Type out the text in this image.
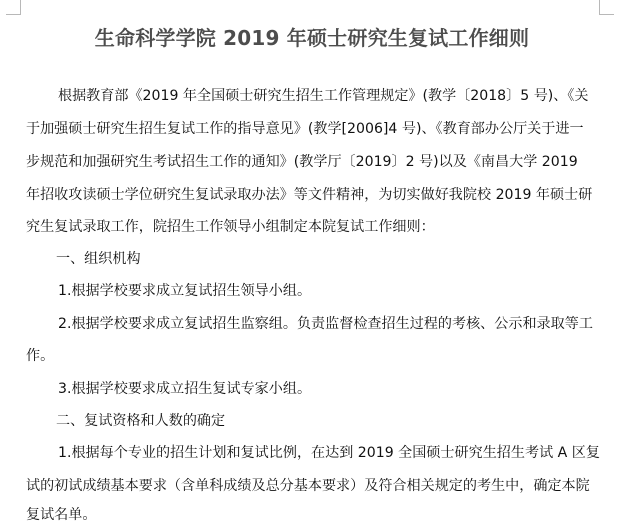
生命科学学院 2019 年硕士研究生复试工作细则

根据教育部《2019 年全国硕士研究生招生工作管理规定》(教学〔2018〕5 号)、《关

于加强硕士研究生招生复试工作的指导意见》(教学[2006]4 号)、《教育部办公厅关于进一

步规范和加强研究生考试招生工作的通知》(教学厅〔2019〕2 号)以及《南昌大学 2019

年招收攻读硕士学位研究生复试录取办法》等文件精神，为切实做好我院校 2019 年硕士研

究生复试录取工作，院招生工作领导小组制定本院复试工作细则：

一、组织机构

1.根据学校要求成立复试招生领导小组。

2.根据学校要求成立复试招生监察组。负责监督检查招生过程的考核、公示和录取等工

作。

3.根据学校要求成立招生复试专家小组。

二、复试资格和人数的确定

1.根据每个专业的招生计划和复试比例，在达到 2019 全国硕士研究生招生考试 A 区复

试的初试成绩基本要求（含单科成绩及总分基本要求）及符合相关规定的考生中，确定本院

复试名单。
